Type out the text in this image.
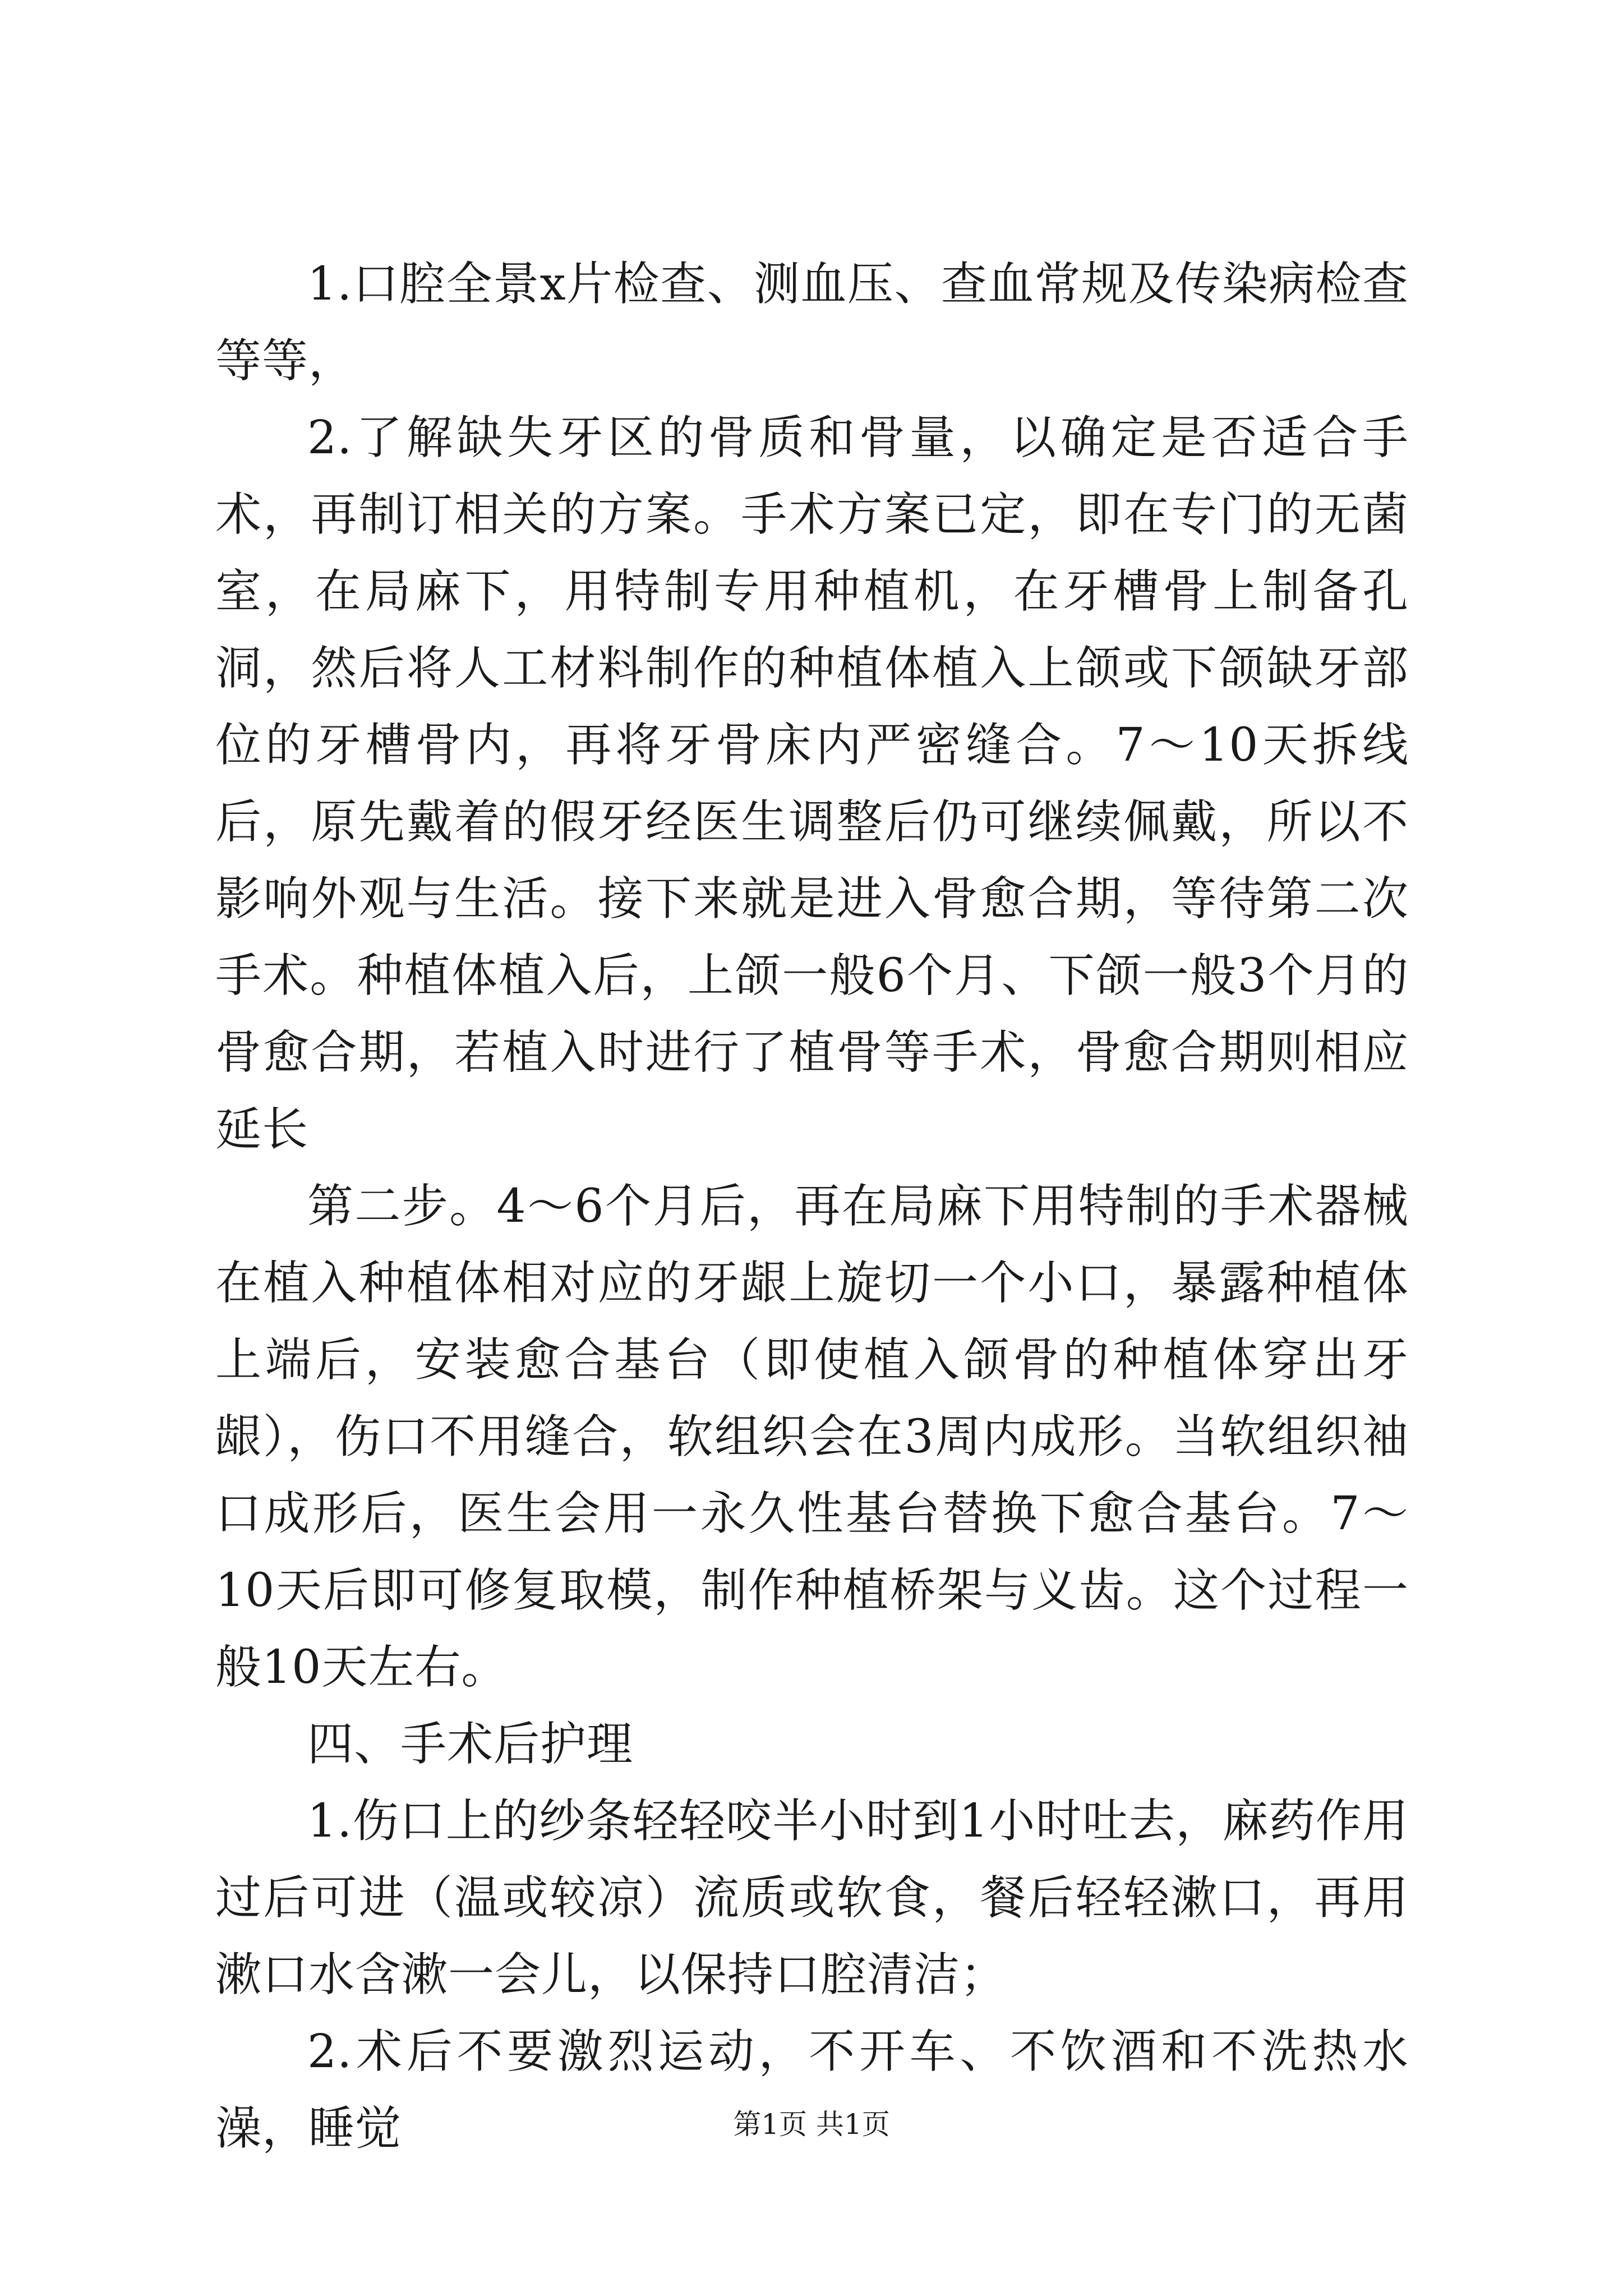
1.口腔全景x片检查、测血压、查血常规及传染病检查等等，

2.了解缺失牙区的骨质和骨量，以确定是否适合手术，再制订相关的方案。手术方案已定，即在专门的无菌室，在局麻下，用特制专用种植机，在牙槽骨上制备孔洞，然后将人工材料制作的种植体植入上颌或下颌缺牙部位的牙槽骨内，再将牙骨床内严密缝合。7～10天拆线后，原先戴着的假牙经医生调整后仍可继续佩戴，所以不影响外观与生活。接下来就是进入骨愈合期，等待第二次手术。种植体植入后，上颌一般6个月、下颌一般3个月的骨愈合期，若植入时进行了植骨等手术，骨愈合期则相应延长

第二步。4～6个月后，再在局麻下用特制的手术器械在植入种植体相对应的牙龈上旋切一个小口，暴露种植体上端后，安装愈合基台（即使植入颌骨的种植体穿出牙龈），伤口不用缝合，软组织会在3周内成形。当软组织袖口成形后，医生会用一永久性基台替换下愈合基台。7～10天后即可修复取模，制作种植桥架与义齿。这个过程一般10天左右。

四、手术后护理

1.伤口上的纱条轻轻咬半小时到1小时吐去，麻药作用过后可进（温或较凉）流质或软食，餐后轻轻漱口，再用漱口水含漱一会儿，以保持口腔清洁；

2.术后不要激烈运动，不开车、不饮酒和不洗热水澡，睡觉	第1页 共1页
